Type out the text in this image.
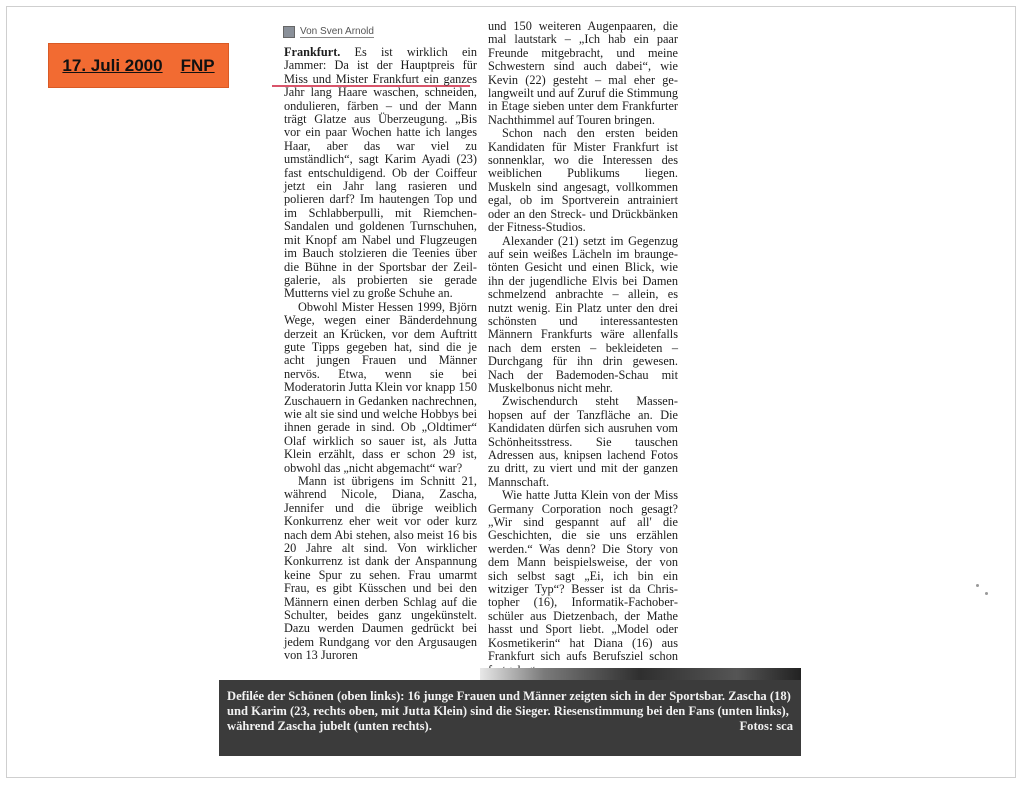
17. Juli 2000 FNP
Von Sven Arnold

Frankfurt. Es ist wirklich ein Jammer: Da ist der Hauptpreis für Miss und Mister Frankfurt ein ganzes Jahr lang Haare waschen, schneiden, ondulieren, färben – und der Mann trägt Glatze aus Überzeugung. „Bis vor ein paar Wochen hatte ich langes Haar, aber das war viel zu umständlich“, sagt Karim Ayadi (23) fast entschuldigend. Ob der Coiffeur jetzt ein Jahr lang rasieren und polieren darf? Im hautengen Top und im Schlabberpulli, mit Riemchen-Sandalen und goldenen Turnschuhen, mit Knopf am Nabel und Flugzeugen im Bauch stolzieren die Teenies über die Bühne in der Sportsbar der Zeilgalerie, als probierten sie gerade Mutterns viel zu große Schuhe an.

Obwohl Mister Hessen 1999, Björn Wege, wegen einer Bänderdehnung derzeit an Krücken, vor dem Auftritt gute Tipps gegeben hat, sind die je acht jungen Frauen und Männer nervös. Etwa, wenn sie bei Moderatorin Jutta Klein vor knapp 150 Zuschauern in Gedanken nachrechnen, wie alt sie sind und welche Hobbys bei ihnen gerade in sind. Ob „Oldtimer“ Olaf wirklich so sauer ist, als Jutta Klein erzählt, dass er schon 29 ist, obwohl das „nicht abgemacht“ war?

Mann ist übrigens im Schnitt 21, während Nicole, Diana, Zascha, Jennifer und die übrige weiblich Konkurrenz eher weit vor oder kurz nach dem Abi stehen, also meist 16 bis 20 Jahre alt sind. Von wirklicher Konkurrenz ist dank der Anspannung keine Spur zu sehen. Frau umarmt Frau, es gibt Küsschen und bei den Männern einen derben Schlag auf die Schulter, beides ganz ungekünstelt. Dazu werden Daumen gedrückt bei jedem Rundgang vor den Argusaugen von 13 Juroren

und 150 weiteren Augenpaaren, die mal lautstark – „Ich hab ein paar Freunde mitgebracht, und meine Schwestern sind auch dabei“, wie Kevin (22) gesteht – mal eher gelangweilt und auf Zuruf die Stimmung in Etage sieben unter dem Frankfurter Nachthimmel auf Touren bringen.

Schon nach den ersten beiden Kandidaten für Mister Frankfurt ist sonnenklar, wo die Interessen des weiblichen Publikums liegen. Muskeln sind angesagt, vollkommen egal, ob im Sportverein antrainiert oder an den Streck- und Drückbänken der Fitness-Studios.

Alexander (21) setzt im Gegenzug auf sein weißes Lächeln im braungetönten Gesicht und einen Blick, wie ihn der jugendliche Elvis bei Damen schmelzend anbrachte – allein, es nutzt wenig. Ein Platz unter den drei schönsten und interessantesten Männern Frankfurts wäre allenfalls nach dem ersten – bekleideten – Durchgang für ihn drin gewesen. Nach der Bademoden-Schau mit Muskelbonus nicht mehr.

Zwischendurch steht Massenhopsen auf der Tanzfläche an. Die Kandidaten dürfen sich ausruhen vom Schönheitsstress. Sie tauschen Adressen aus, knipsen lachend Fotos zu dritt, zu viert und mit der ganzen Mannschaft.

Wie hatte Jutta Klein von der Miss Germany Corporation noch gesagt? „Wir sind gespannt auf all' die Geschichten, die sie uns erzählen werden.“ Was denn? Die Story von dem Mann beispielsweise, der von sich selbst sagt „Ei, ich bin ein witziger Typ“? Besser ist da Christopher (16), Informatik-Fachoberschüler aus Dietzenbach, der Mathe hasst und Sport liebt. „Model oder Kosmetikerin“ hat Diana (16) aus Frankfurt sich aufs Berufsziel schon

Defilée der Schönen (oben links): 16 junge Frauen und Männer zeigten sich in der Sportsbar. Zascha (18) und Karim (23, rechts oben, mit Jutta Klein) sind die Sieger. Riesenstimmung bei den Fans (unten links), während Zascha jubelt (unten rechts).	Fotos: sca
